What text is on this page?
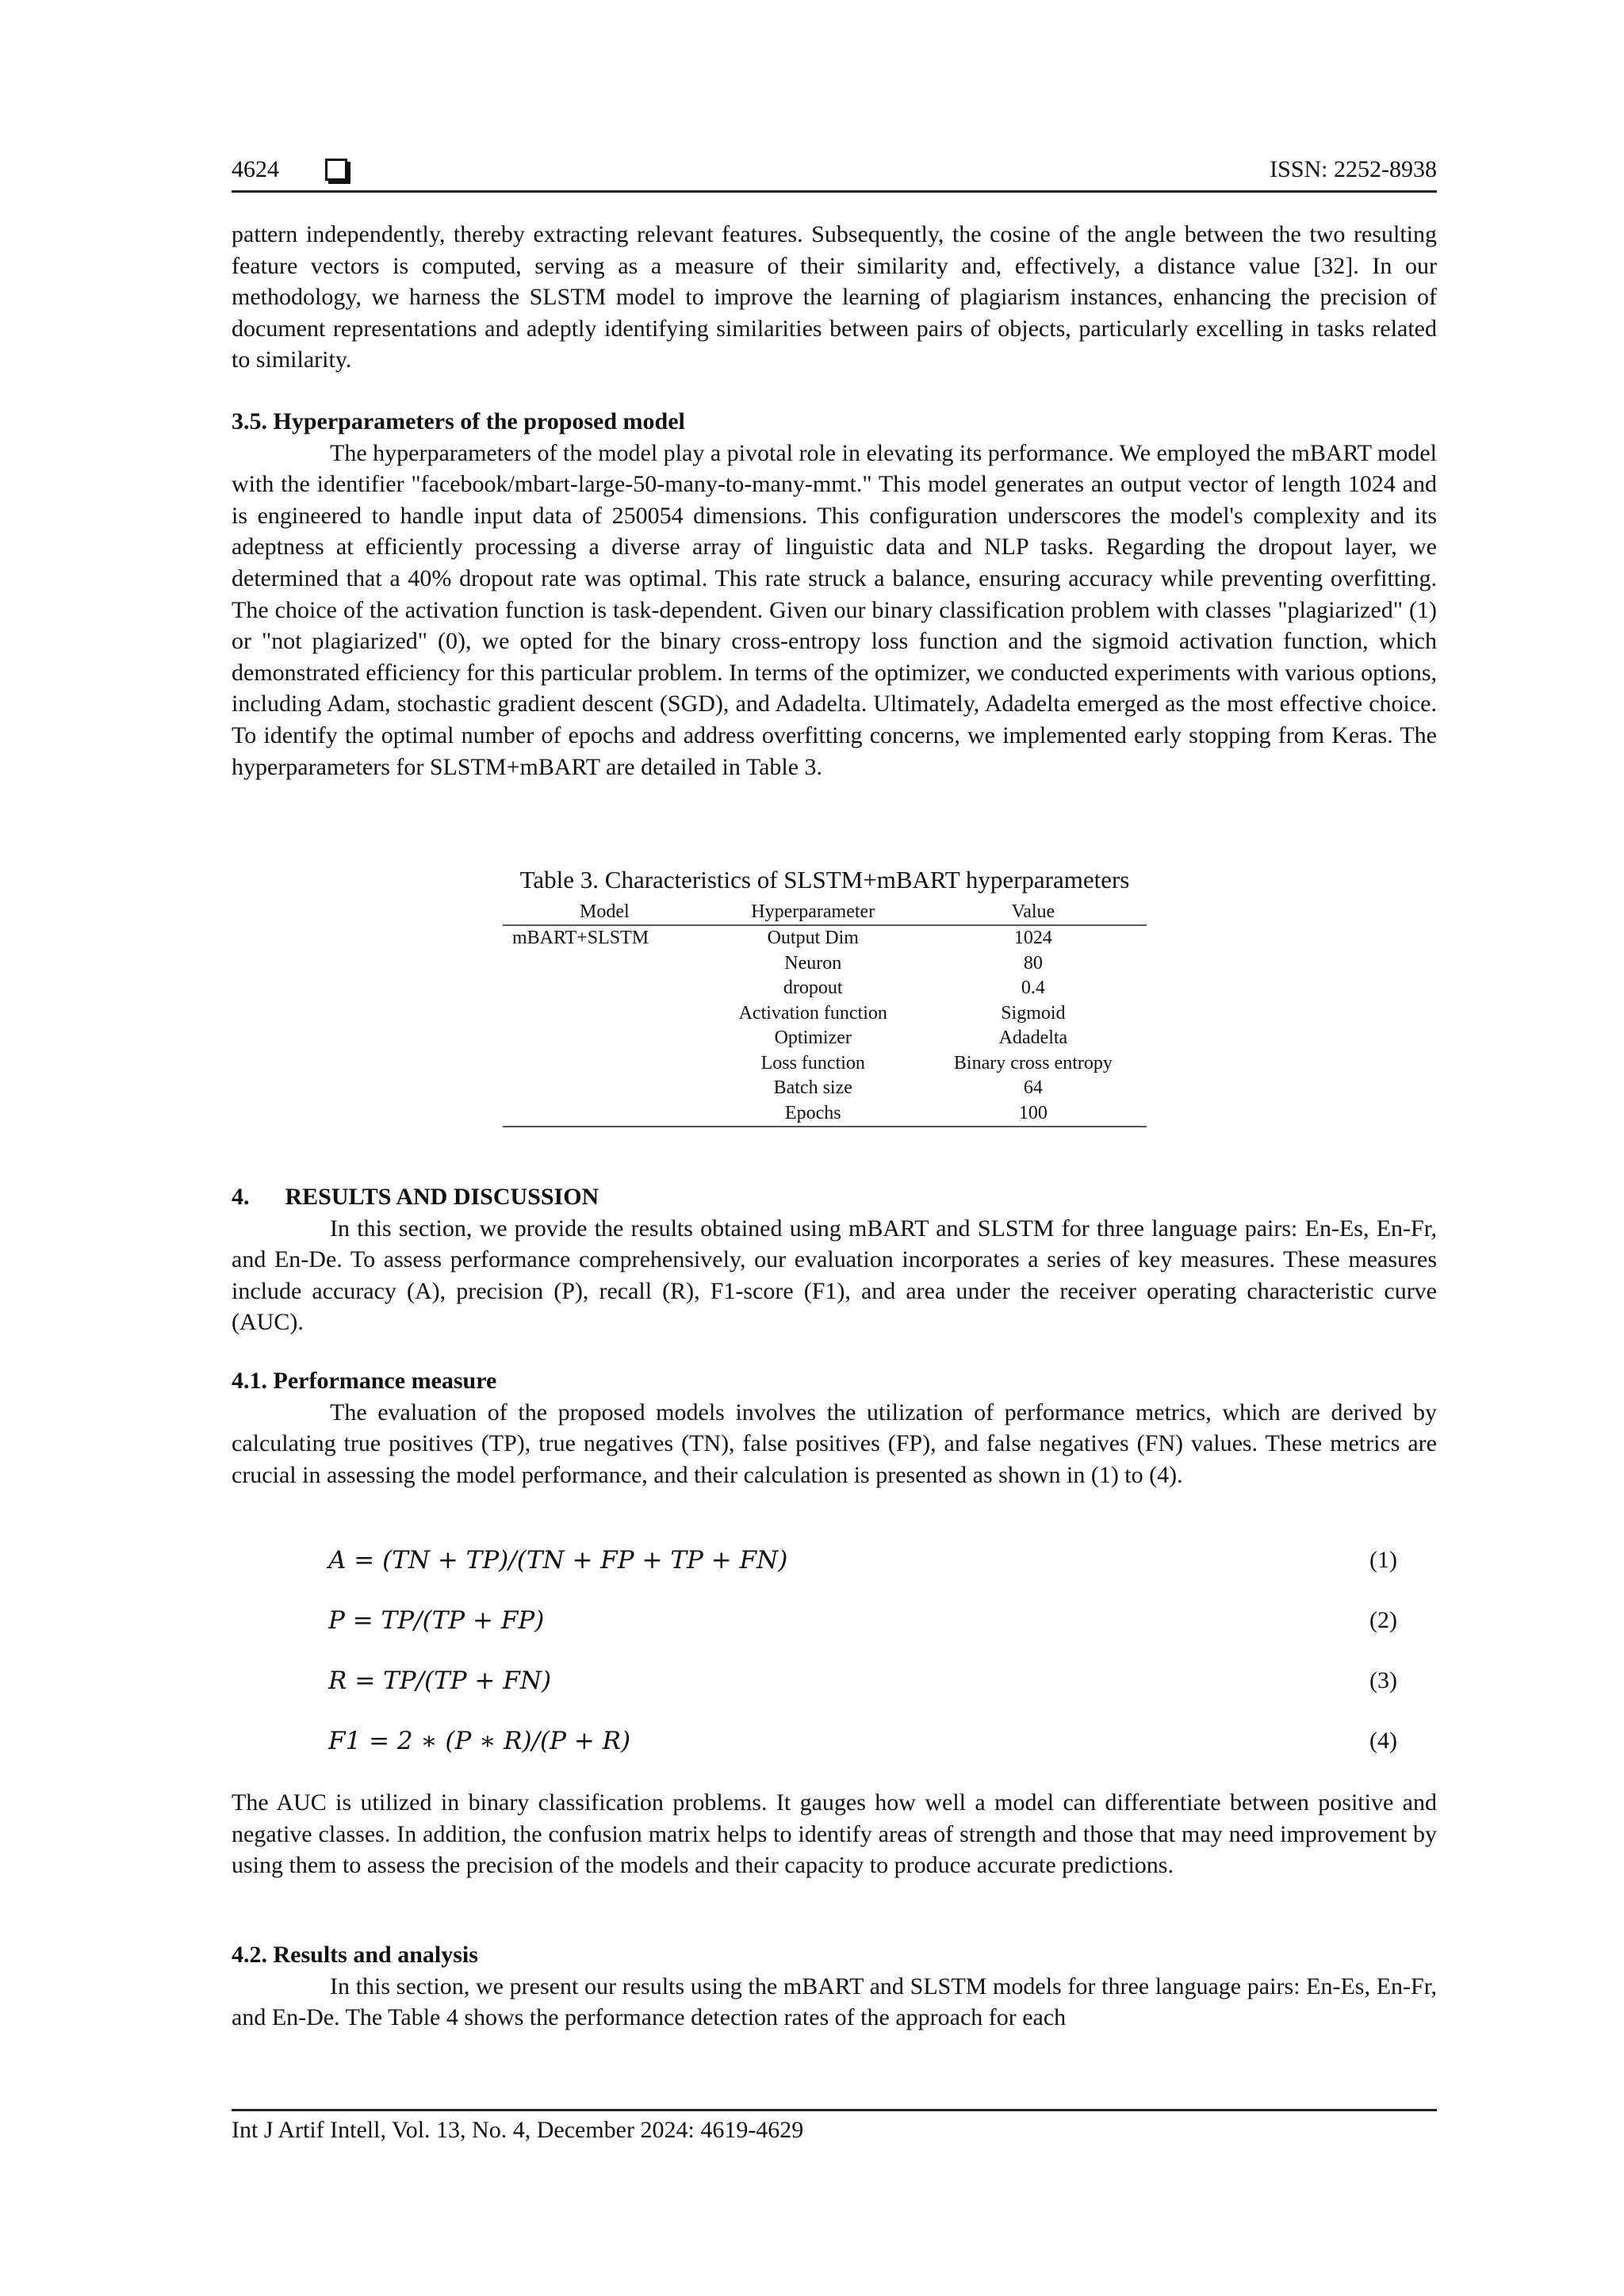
4624	ISSN: 2252-8938

pattern independently, thereby extracting relevant features. Subsequently, the cosine of the angle between the two resulting feature vectors is computed, serving as a measure of their similarity and, effectively, a distance value [32]. In our methodology, we harness the SLSTM model to improve the learning of plagiarism instances, enhancing the precision of document representations and adeptly identifying similarities between pairs of objects, particularly excelling in tasks related to similarity.

3.5. Hyperparameters of the proposed model

The hyperparameters of the model play a pivotal role in elevating its performance. We employed the mBART model with the identifier "facebook/mbart-large-50-many-to-many-mmt." This model generates an output vector of length 1024 and is engineered to handle input data of 250054 dimensions. This configuration underscores the model's complexity and its adeptness at efficiently processing a diverse array of linguistic data and NLP tasks. Regarding the dropout layer, we determined that a 40% dropout rate was optimal. This rate struck a balance, ensuring accuracy while preventing overfitting. The choice of the activation function is task-dependent. Given our binary classification problem with classes "plagiarized" (1) or "not plagiarized" (0), we opted for the binary cross-entropy loss function and the sigmoid activation function, which demonstrated efficiency for this particular problem. In terms of the optimizer, we conducted experiments with various options, including Adam, stochastic gradient descent (SGD), and Adadelta. Ultimately, Adadelta emerged as the most effective choice. To identify the optimal number of epochs and address overfitting concerns, we implemented early stopping from Keras. The hyperparameters for SLSTM+mBART are detailed in Table 3.

Table 3. Characteristics of SLSTM+mBART hyperparameters

Model	Hyperparameter	Value
mBART+SLSTM	Output Dim	1024
	Neuron	80
	dropout	0.4
	Activation function	Sigmoid
	Optimizer	Adadelta
	Loss function	Binary cross entropy
	Batch size	64
	Epochs	100

4.      RESULTS AND DISCUSSION

In this section, we provide the results obtained using mBART and SLSTM for three language pairs: En-Es, En-Fr, and En-De. To assess performance comprehensively, our evaluation incorporates a series of key measures. These measures include accuracy (A), precision (P), recall (R), F1-score (F1), and area under the receiver operating characteristic curve (AUC).

4.1. Performance measure

The evaluation of the proposed models involves the utilization of performance metrics, which are derived by calculating true positives (TP), true negatives (TN), false positives (FP), and false negatives (FN) values. These metrics are crucial in assessing the model performance, and their calculation is presented as shown in (1) to (4).

A = (TN + TP)/(TN + FP + TP + FN)	(1)
P = TP/(TP + FP)	(2)
R = TP/(TP + FN)	(3)
F1 = 2 ∗ (P ∗ R)/(P + R)	(4)

The AUC is utilized in binary classification problems. It gauges how well a model can differentiate between positive and negative classes. In addition, the confusion matrix helps to identify areas of strength and those that may need improvement by using them to assess the precision of the models and their capacity to produce accurate predictions.

4.2. Results and analysis

In this section, we present our results using the mBART and SLSTM models for three language pairs: En-Es, En-Fr, and En-De. The Table 4 shows the performance detection rates of the approach for each

Int J Artif Intell, Vol. 13, No. 4, December 2024: 4619-4629
